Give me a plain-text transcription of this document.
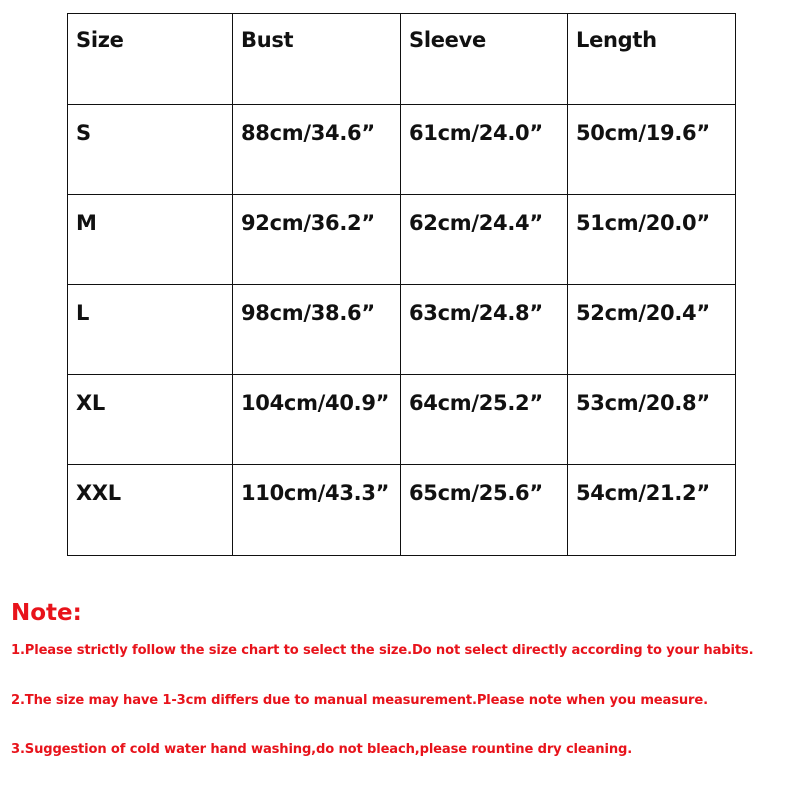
Size	Bust	Sleeve	Length
S	88cm/34.6”	61cm/24.0”	50cm/19.6”
M	92cm/36.2”	62cm/24.4”	51cm/20.0”
L	98cm/38.6”	63cm/24.8”	52cm/20.4”
XL	104cm/40.9”	64cm/25.2”	53cm/20.8”
XXL	110cm/43.3”	65cm/25.6”	54cm/21.2”

Note:

1.Please strictly follow the size chart to select the size.Do not select directly according to your habits.

2.The size may have 1-3cm differs due to manual measurement.Please note when you measure.

3.Suggestion of cold water hand washing,do not bleach,please rountine dry cleaning.
